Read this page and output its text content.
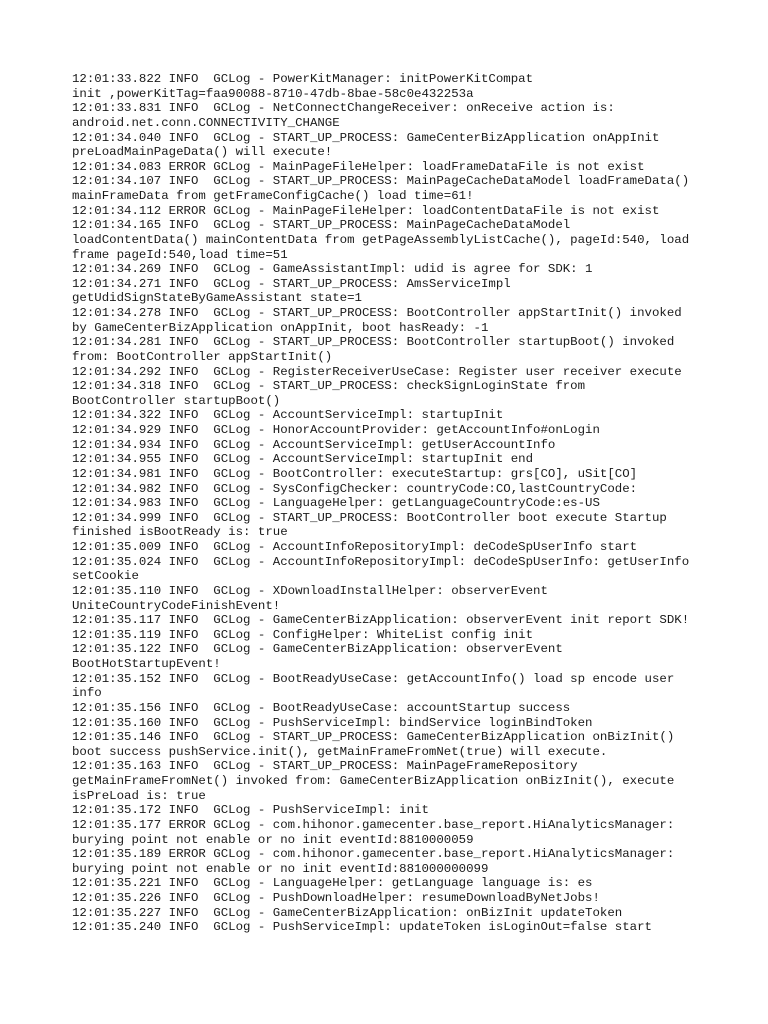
12:01:33.822 INFO  GCLog - PowerKitManager: initPowerKitCompat
init ,powerKitTag=faa90088-8710-47db-8bae-58c0e432253a
12:01:33.831 INFO  GCLog - NetConnectChangeReceiver: onReceive action is:
android.net.conn.CONNECTIVITY_CHANGE
12:01:34.040 INFO  GCLog - START_UP_PROCESS: GameCenterBizApplication onAppInit
preLoadMainPageData() will execute!
12:01:34.083 ERROR GCLog - MainPageFileHelper: loadFrameDataFile is not exist
12:01:34.107 INFO  GCLog - START_UP_PROCESS: MainPageCacheDataModel loadFrameData()
mainFrameData from getFrameConfigCache() load time=61!
12:01:34.112 ERROR GCLog - MainPageFileHelper: loadContentDataFile is not exist
12:01:34.165 INFO  GCLog - START_UP_PROCESS: MainPageCacheDataModel
loadContentData() mainContentData from getPageAssemblyListCache(), pageId:540, load
frame pageId:540,load time=51
12:01:34.269 INFO  GCLog - GameAssistantImpl: udid is agree for SDK: 1
12:01:34.271 INFO  GCLog - START_UP_PROCESS: AmsServiceImpl
getUdidSignStateByGameAssistant state=1
12:01:34.278 INFO  GCLog - START_UP_PROCESS: BootController appStartInit() invoked
by GameCenterBizApplication onAppInit, boot hasReady: -1
12:01:34.281 INFO  GCLog - START_UP_PROCESS: BootController startupBoot() invoked
from: BootController appStartInit()
12:01:34.292 INFO  GCLog - RegisterReceiverUseCase: Register user receiver execute
12:01:34.318 INFO  GCLog - START_UP_PROCESS: checkSignLoginState from
BootController startupBoot()
12:01:34.322 INFO  GCLog - AccountServiceImpl: startupInit
12:01:34.929 INFO  GCLog - HonorAccountProvider: getAccountInfo#onLogin
12:01:34.934 INFO  GCLog - AccountServiceImpl: getUserAccountInfo
12:01:34.955 INFO  GCLog - AccountServiceImpl: startupInit end
12:01:34.981 INFO  GCLog - BootController: executeStartup: grs[CO], uSit[CO]
12:01:34.982 INFO  GCLog - SysConfigChecker: countryCode:CO,lastCountryCode:
12:01:34.983 INFO  GCLog - LanguageHelper: getLanguageCountryCode:es-US
12:01:34.999 INFO  GCLog - START_UP_PROCESS: BootController boot execute Startup
finished isBootReady is: true
12:01:35.009 INFO  GCLog - AccountInfoRepositoryImpl: deCodeSpUserInfo start
12:01:35.024 INFO  GCLog - AccountInfoRepositoryImpl: deCodeSpUserInfo: getUserInfo
setCookie
12:01:35.110 INFO  GCLog - XDownloadInstallHelper: observerEvent
UniteCountryCodeFinishEvent!
12:01:35.117 INFO  GCLog - GameCenterBizApplication: observerEvent init report SDK!
12:01:35.119 INFO  GCLog - ConfigHelper: WhiteList config init
12:01:35.122 INFO  GCLog - GameCenterBizApplication: observerEvent
BootHotStartupEvent!
12:01:35.152 INFO  GCLog - BootReadyUseCase: getAccountInfo() load sp encode user
info
12:01:35.156 INFO  GCLog - BootReadyUseCase: accountStartup success
12:01:35.160 INFO  GCLog - PushServiceImpl: bindService loginBindToken
12:01:35.146 INFO  GCLog - START_UP_PROCESS: GameCenterBizApplication onBizInit()
boot success pushService.init(), getMainFrameFromNet(true) will execute.
12:01:35.163 INFO  GCLog - START_UP_PROCESS: MainPageFrameRepository
getMainFrameFromNet() invoked from: GameCenterBizApplication onBizInit(), execute
isPreLoad is: true
12:01:35.172 INFO  GCLog - PushServiceImpl: init
12:01:35.177 ERROR GCLog - com.hihonor.gamecenter.base_report.HiAnalyticsManager:
burying point not enable or no init eventId:8810000059
12:01:35.189 ERROR GCLog - com.hihonor.gamecenter.base_report.HiAnalyticsManager:
burying point not enable or no init eventId:881000000099
12:01:35.221 INFO  GCLog - LanguageHelper: getLanguage language is: es
12:01:35.226 INFO  GCLog - PushDownloadHelper: resumeDownloadByNetJobs!
12:01:35.227 INFO  GCLog - GameCenterBizApplication: onBizInit updateToken
12:01:35.240 INFO  GCLog - PushServiceImpl: updateToken isLoginOut=false start
